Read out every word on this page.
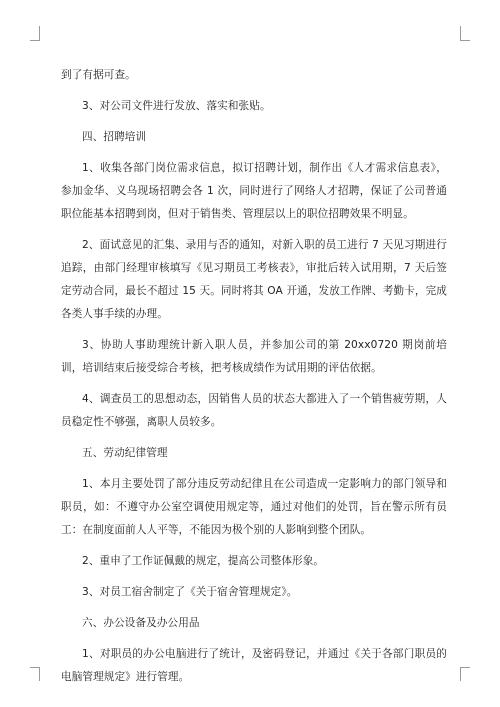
到了有据可查。

3、对公司文件进行发放、落实和张贴。

四、招聘培训

1、收集各部门岗位需求信息，拟订招聘计划，制作出《人才需求信息表》，参加金华、义乌现场招聘会各 1 次，同时进行了网络人才招聘，保证了公司普通职位能基本招聘到岗，但对于销售类、管理层以上的职位招聘效果不明显。

2、面试意见的汇集、录用与否的通知，对新入职的员工进行 7 天见习期进行追踪，由部门经理审核填写《见习期员工考核表》，审批后转入试用期，7 天后签定劳动合同，最长不超过 15 天。同时将其 OA 开通，发放工作牌、考勤卡，完成各类人事手续的办理。

3、协助人事助理统计新入职人员，并参加公司的第 20xx0720 期岗前培训，培训结束后接受综合考核，把考核成绩作为试用期的评估依据。

4、调查员工的思想动态，因销售人员的状态大都进入了一个销售疲劳期，人员稳定性不够强，离职人员较多。

五、劳动纪律管理

1、本月主要处罚了部分违反劳动纪律且在公司造成一定影响力的部门领导和职员，如：不遵守办公室空调使用规定等，通过对他们的处罚，旨在警示所有员工：在制度面前人人平等，不能因为极个别的人影响到整个团队。

2、重申了工作证佩戴的规定，提高公司整体形象。

3、对员工宿舍制定了《关于宿舍管理规定》。

六、办公设备及办公用品

1、对职员的办公电脑进行了统计，及密码登记，并通过《关于各部门职员的电脑管理规定》进行管理。
